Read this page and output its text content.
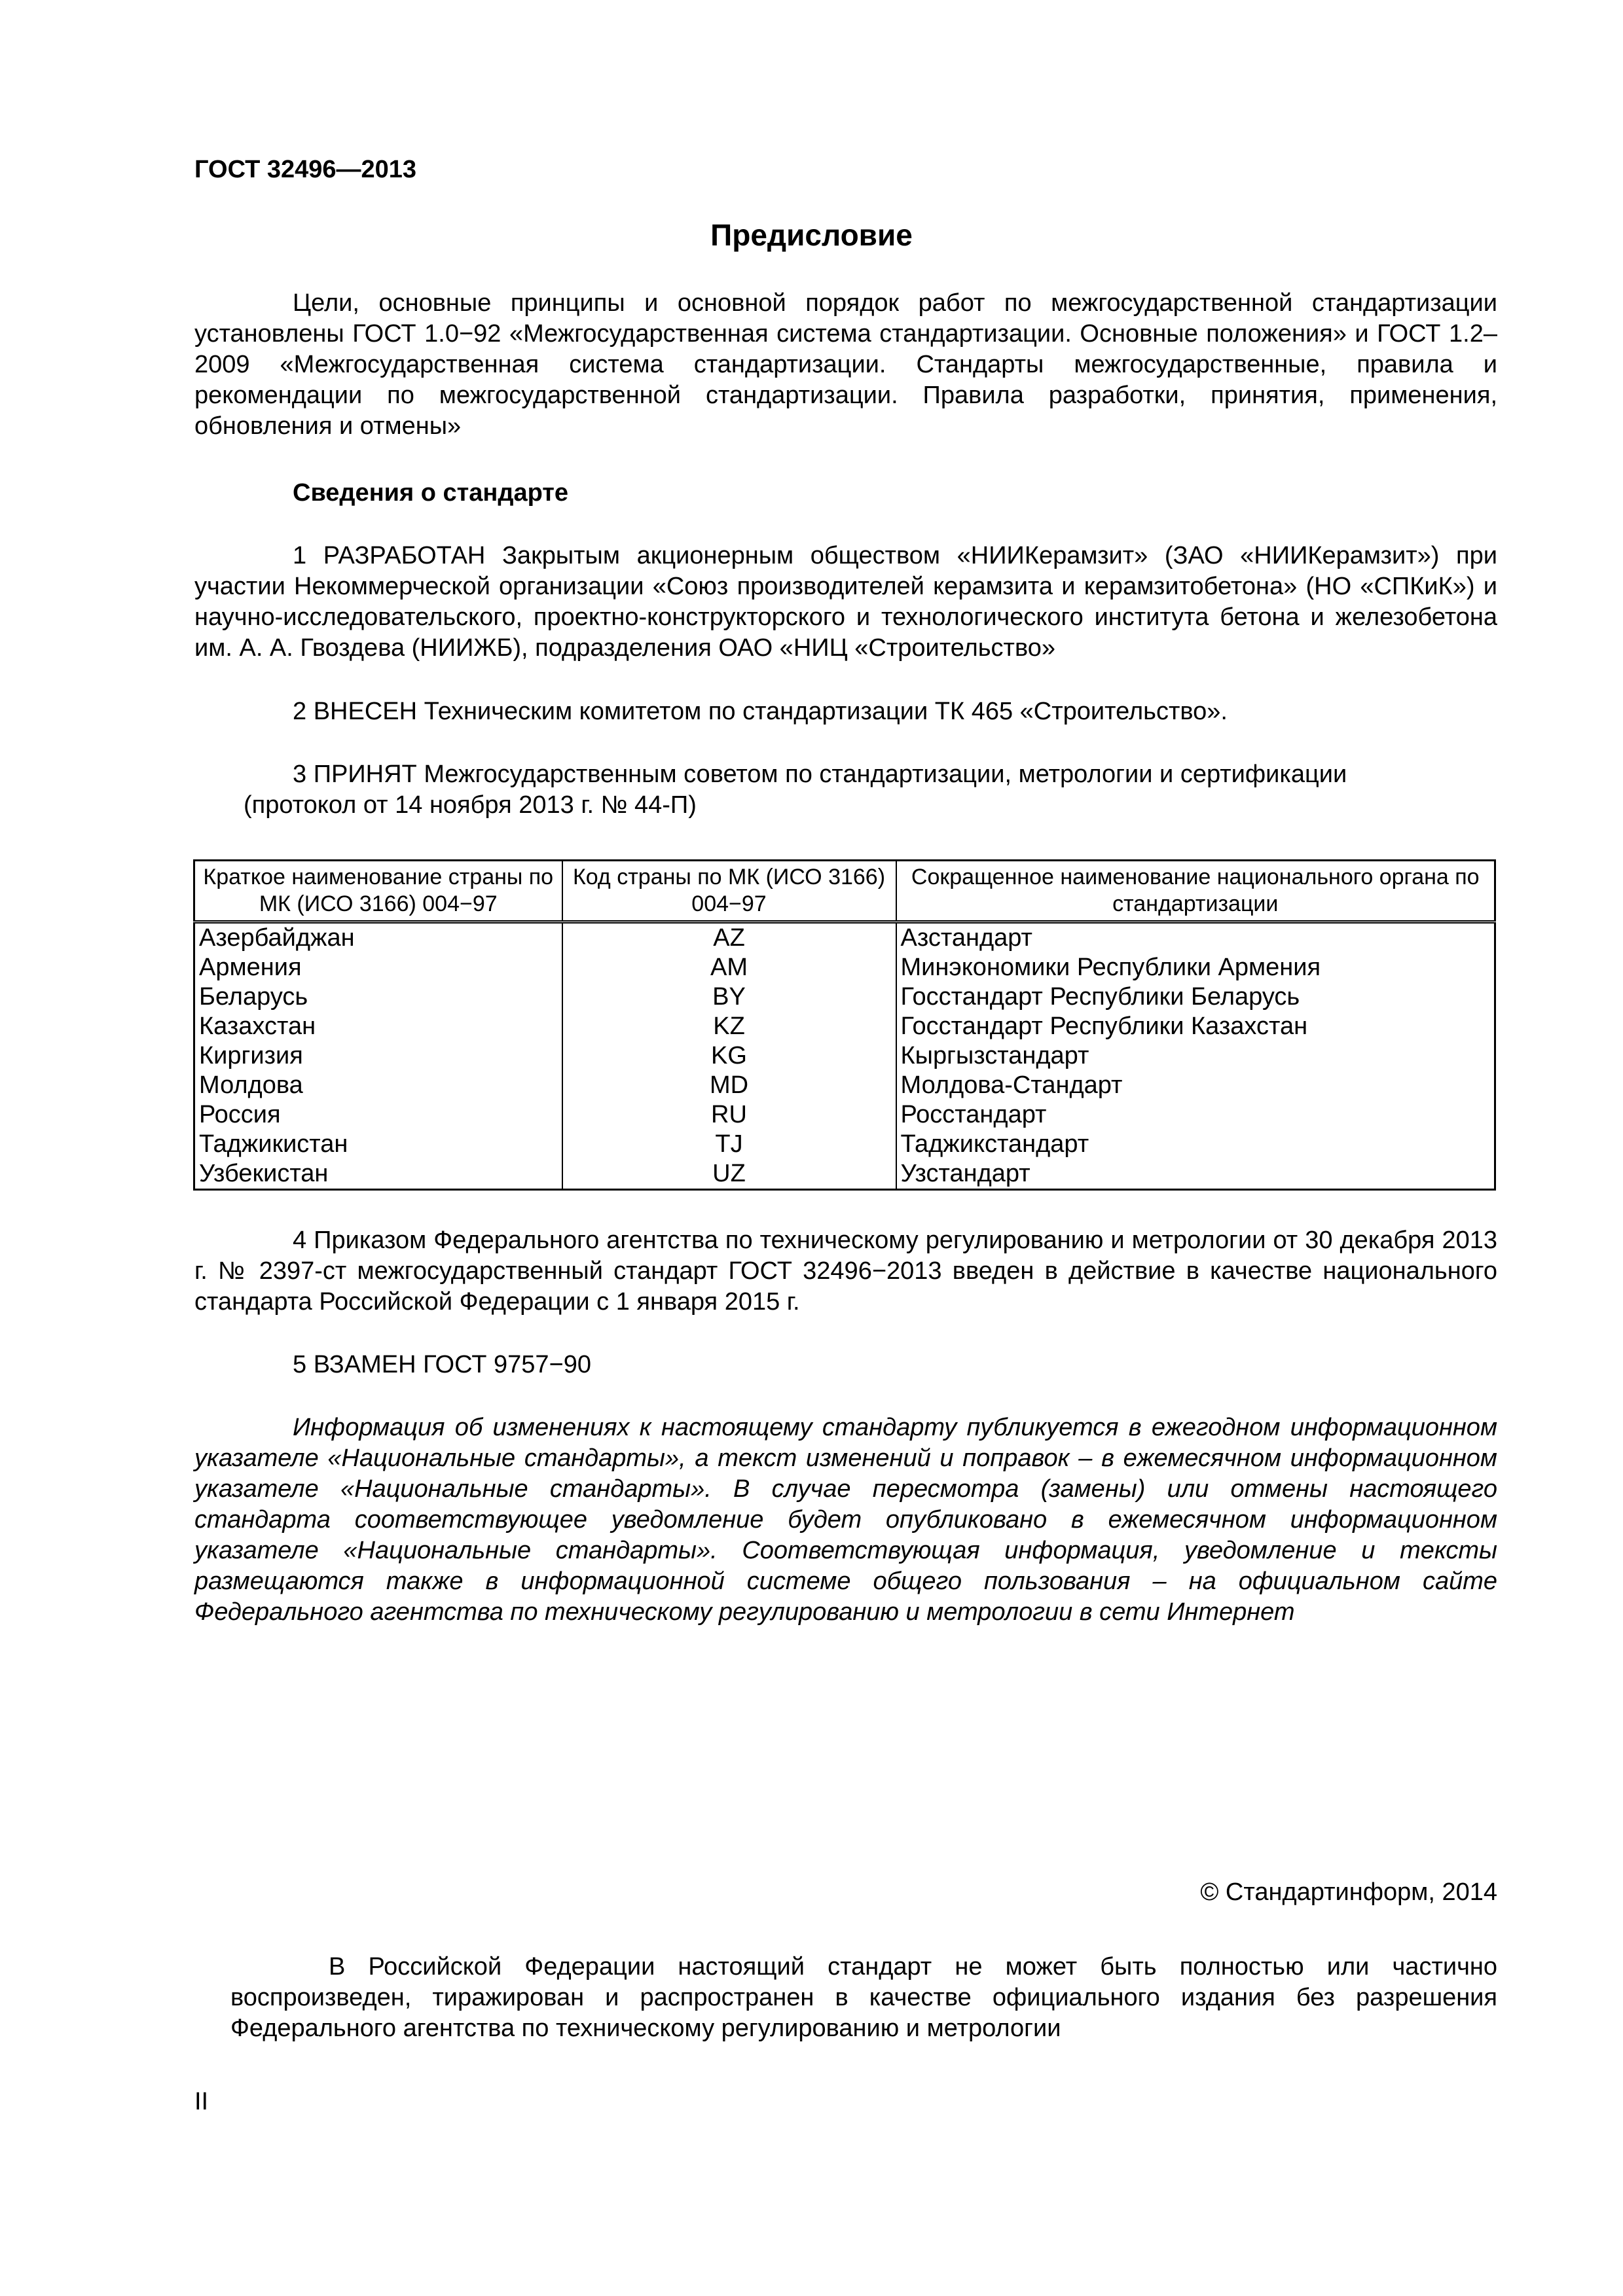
ГОСТ 32496—2013
Предисловие

Цели, основные принципы и основной порядок работ по межгосударственной стандартизации установлены ГОСТ 1.0−92 «Межгосударственная система стандартизации. Основные положения» и ГОСТ 1.2–2009 «Межгосударственная система стандартизации. Стандарты межгосударственные, правила и рекомендации по межгосударственной стандартизации. Правила разработки, принятия, применения, обновления и отмены»

Сведения о стандарте

1 РАЗРАБОТАН Закрытым акционерным обществом «НИИКерамзит» (ЗАО «НИИКерамзит») при участии Некоммерческой организации «Союз производителей керамзита и керамзитобетона» (НО «СПКиК») и научно-исследовательского, проектно-конструкторского и технологического института бетона и железобетона им. А. А. Гвоздева (НИИЖБ), подразделения ОАО «НИЦ «Строительство»

2 ВНЕСЕН Техническим комитетом по стандартизации ТК 465 «Строительство».

3 ПРИНЯТ Межгосударственным советом по стандартизации, метрологии и сертификации

(протокол от 14 ноября 2013 г. № 44-П)

Краткое наименование страны по МК (ИСО 3166) 004−97	Код страны по МК (ИСО 3166) 004−97	Сокращенное наименование национального органа по стандартизации
Азербайджан	AZ	Азстандарт
Армения	AM	Минэкономики Республики Армения
Беларусь	BY	Госстандарт Республики Беларусь
Казахстан	KZ	Госстандарт Республики Казахстан
Киргизия	KG	Кыргызстандарт
Молдова	MD	Молдова-Стандарт
Россия	RU	Росстандарт
Таджикистан	TJ	Таджикстандарт
Узбекистан	UZ	Узстандарт

4 Приказом Федерального агентства по техническому регулированию и метрологии от 30 декабря 2013 г. № 2397-ст межгосударственный стандарт ГОСТ 32496−2013 введен в действие в качестве национального стандарта Российской Федерации с 1 января 2015 г.

5 ВЗАМЕН ГОСТ 9757−90

Информация об изменениях к настоящему стандарту публикуется в ежегодном информационном указателе «Национальные стандарты», а текст изменений и поправок – в ежемесячном информационном указателе «Национальные стандарты». В случае пересмотра (замены) или отмены настоящего стандарта соответствующее уведомление будет опубликовано в ежемесячном информационном указателе «Национальные стандарты». Соответствующая информация, уведомление и тексты размещаются также в информационной системе общего пользования – на официальном сайте Федерального агентства по техническому регулированию и метрологии в сети Интернет

© Стандартинформ, 2014

В Российской Федерации настоящий стандарт не может быть полностью или частично воспроизведен, тиражирован и распространен в качестве официального издания без разрешения Федерального агентства по техническому регулированию и метрологии

II
